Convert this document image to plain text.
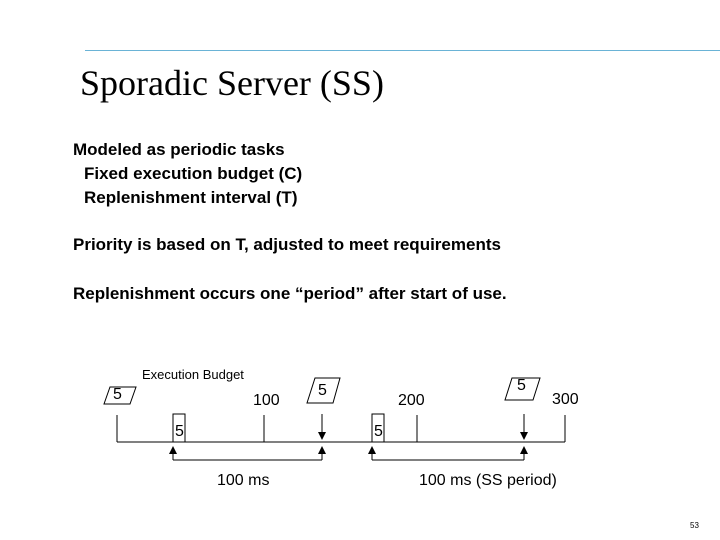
Sporadic Server (SS)
Modeled as periodic tasks
Fixed execution budget (C)
Replenishment interval (T)
Priority is based on T, adjusted to meet requirements
Replenishment occurs one “period” after start of use.
Execution Budget
5	100
5
200
5
300
5	5
100 ms	100 ms (SS period)
53
